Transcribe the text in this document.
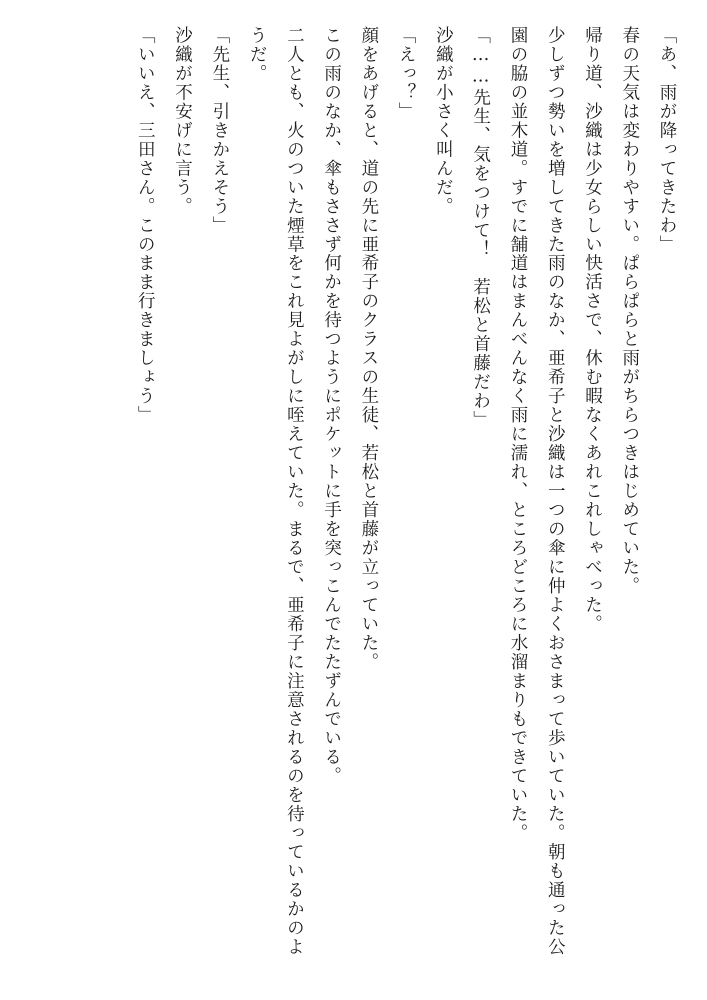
「あ、雨が降ってきたわ」

春の天気は変わりやすい。ぱらぱらと雨がちらつきはじめていた。

帰り道、沙織は少女らしい快活さで、休む暇なくあれこれしゃべった。

少しずつ勢いを増してきた雨のなか、亜希子と沙織は一つの傘に仲よくおさまって歩いていた。朝も通った公園の脇の並木道。すでに舗道はまんべんなく雨に濡れ、ところどころに水溜まりもできていた。

「……先生、気をつけて！　若松と首藤だわ」

沙織が小さく叫んだ。

「えっ？」

顔をあげると、道の先に亜希子のクラスの生徒、若松と首藤が立っていた。

この雨のなか、傘もささず何かを待つようにポケットに手を突っこんでたたずんでいる。

二人とも、火のついた煙草をこれ見よがしに咥えていた。まるで、亜希子に注意されるのを待っているかのようだ。

「先生、引きかえそう」

沙織が不安げに言う。

「いいえ、三田さん。このまま行きましょう」
